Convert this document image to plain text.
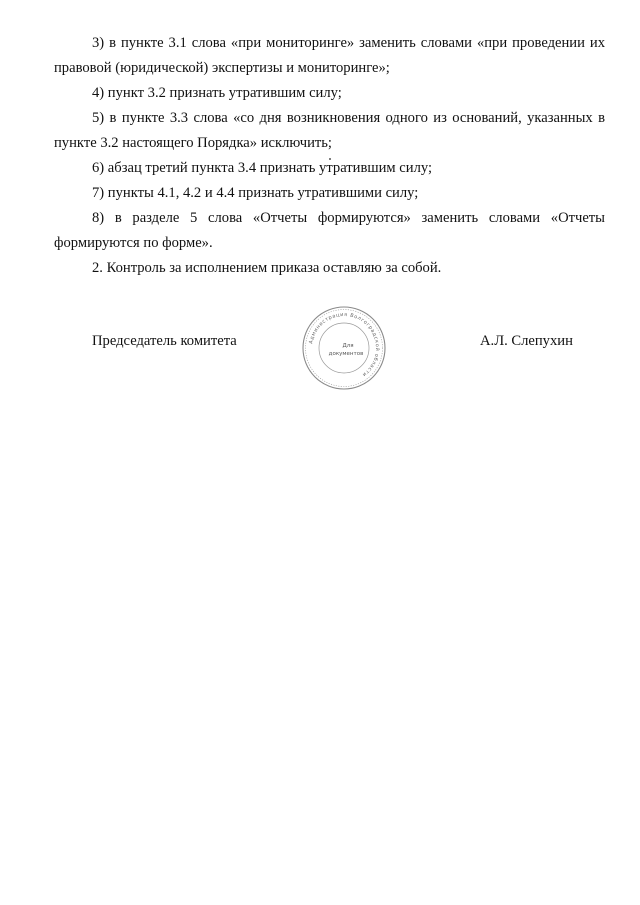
3) в пункте 3.1 слова «при мониторинге» заменить словами «при проведении их правовой (юридической) экспертизы и мониторинге»;

4) пункт 3.2 признать утратившим силу;

5) в пункте 3.3 слова «со дня возникновения одного из оснований, указанных в пункте 3.2 настоящего Порядка» исключить;

6) абзац третий пункта 3.4 признать утратившим силу;

7) пункты 4.1, 4.2 и 4.4 признать утратившими силу;

8) в разделе 5 слова «Отчеты формируются» заменить словами «Отчеты формируются по форме».

2. Контроль за исполнением приказа оставляю за собой.

Председатель комитета	А.Л. Слепухин
Администрация Волгоградской области
Для
документов
